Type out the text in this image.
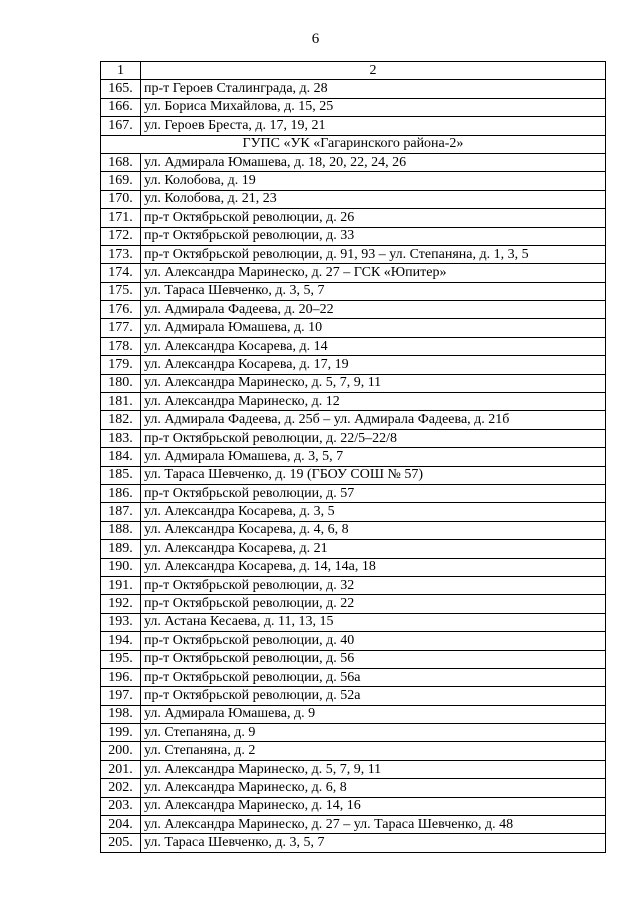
6
1	2
165.	пр-т Героев Сталинграда, д. 28
166.	ул. Бориса Михайлова, д. 15, 25
167.	ул. Героев Бреста, д. 17, 19, 21
ГУПС «УК «Гагаринского района-2»	
168.	ул. Адмирала Юмашева, д. 18, 20, 22, 24, 26
169.	ул. Колобова, д. 19
170.	ул. Колобова, д. 21, 23
171.	пр-т Октябрьской революции, д. 26
172.	пр-т Октябрьской революции, д. 33
173.	пр-т Октябрьской революции, д. 91, 93 – ул. Степаняна, д. 1, 3, 5
174.	ул. Александра Маринеско, д. 27 – ГСК «Юпитер»
175.	ул. Тараса Шевченко, д. 3, 5, 7
176.	ул. Адмирала Фадеева, д. 20–22
177.	ул. Адмирала Юмашева, д. 10
178.	ул. Александра Косарева, д. 14
179.	ул. Александра Косарева, д. 17, 19
180.	ул. Александра Маринеско, д. 5, 7, 9, 11
181.	ул. Александра Маринеско, д. 12
182.	ул. Адмирала Фадеева, д. 25б – ул. Адмирала Фадеева, д. 21б
183.	пр-т Октябрьской революции, д. 22/5–22/8
184.	ул. Адмирала Юмашева, д. 3, 5, 7
185.	ул. Тараса Шевченко, д. 19 (ГБОУ СОШ № 57)
186.	пр-т Октябрьской революции, д. 57
187.	ул. Александра Косарева, д. 3, 5
188.	ул. Александра Косарева, д. 4, 6, 8
189.	ул. Александра Косарева, д. 21
190.	ул. Александра Косарева, д. 14, 14а, 18
191.	пр-т Октябрьской революции, д. 32
192.	пр-т Октябрьской революции, д. 22
193.	ул. Астана Кесаева, д. 11, 13, 15
194.	пр-т Октябрьской революции, д. 40
195.	пр-т Октябрьской революции, д. 56
196.	пр-т Октябрьской революции, д. 56а
197.	пр-т Октябрьской революции, д. 52а
198.	ул. Адмирала Юмашева, д. 9
199.	ул. Степаняна, д. 9
200.	ул. Степаняна, д. 2
201.	ул. Александра Маринеско, д. 5, 7, 9, 11
202.	ул. Александра Маринеско, д. 6, 8
203.	ул. Александра Маринеско, д. 14, 16
204.	ул. Александра Маринеско, д. 27 – ул. Тараса Шевченко, д. 48
205.	ул. Тараса Шевченко, д. 3, 5, 7
